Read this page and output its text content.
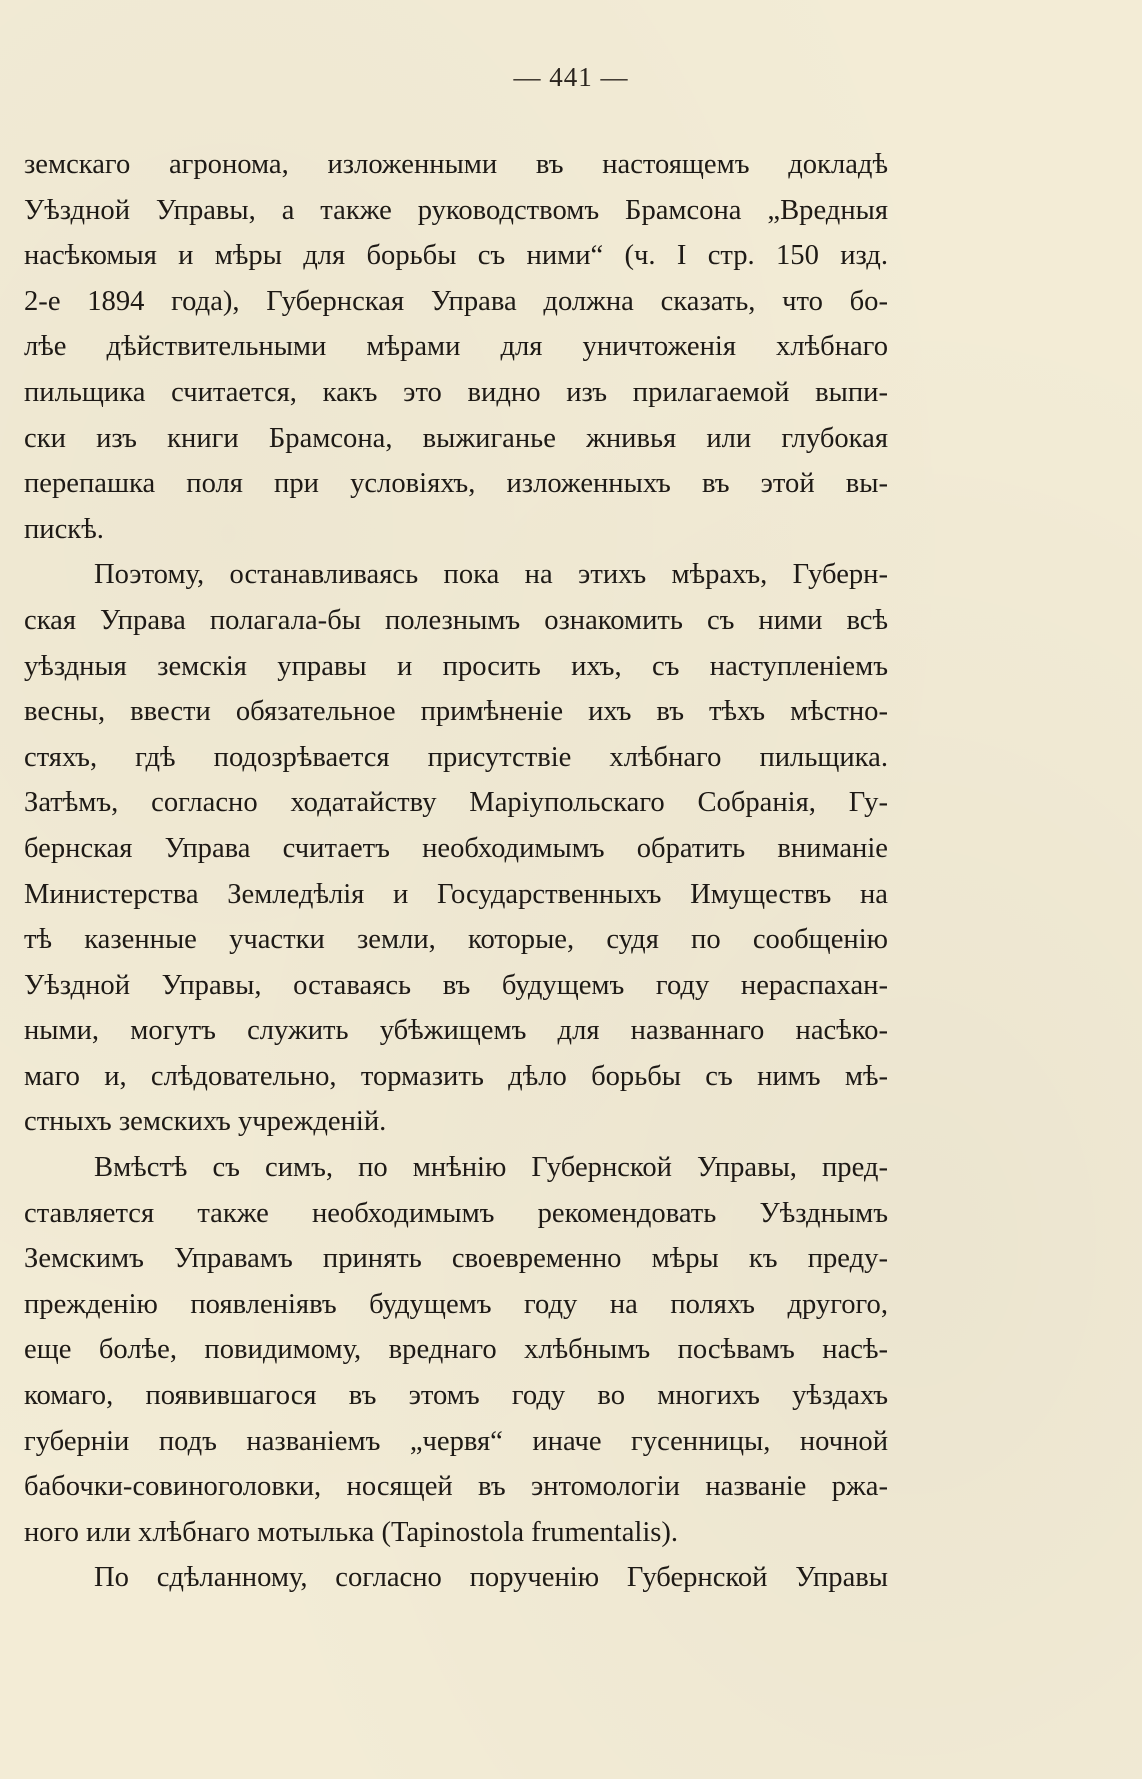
— 441 —
земскаго агронома, изложенными въ настоящемъ докладѣ
Уѣздной Управы, а также руководствомъ Брамсона „Вредныя
насѣкомыя и мѣры для борьбы съ ними“ (ч. I стр. 150 изд.
2-е 1894 года), Губернская Управа должна сказать, что бо-
лѣе дѣйствительными мѣрами для уничтоженія хлѣбнаго
пильщика считается, какъ это видно изъ прилагаемой выпи-
ски изъ книги Брамсона, выжиганье жнивья или глубокая
перепашка поля при условіяхъ, изложенныхъ въ этой вы-
пискѣ.
Поэтому, останавливаясь пока на этихъ мѣрахъ, Губерн-
ская Управа полагала-бы полезнымъ ознакомить съ ними всѣ
уѣздныя земскія управы и просить ихъ, съ наступленіемъ
весны, ввести обязательное примѣненіе ихъ въ тѣхъ мѣстно-
стяхъ, гдѣ подозрѣвается присутствіе хлѣбнаго пильщика.
Затѣмъ, согласно ходатайству Маріупольскаго Собранія, Гу-
бернская Управа считаетъ необходимымъ обратить вниманіе
Министерства Земледѣлія и Государственныхъ Имуществъ на
тѣ казенные участки земли, которые, судя по сообщенію
Уѣздной Управы, оставаясь въ будущемъ году нераспахан-
ными, могутъ служить убѣжищемъ для названнаго насѣко-
маго и, слѣдовательно, тормазить дѣло борьбы съ нимъ мѣ-
стныхъ земскихъ учрежденій.
Вмѣстѣ съ симъ, по мнѣнію Губернской Управы, пред-
ставляется также необходимымъ рекомендовать Уѣзднымъ
Земскимъ Управамъ принять своевременно мѣры къ преду-
прежденію появленіявъ будущемъ году на поляхъ другого,
еще болѣе, повидимому, вреднаго хлѣбнымъ посѣвамъ насѣ-
комаго, появившагося въ этомъ году во многихъ уѣздахъ
губерніи подъ названіемъ „червя“ иначе гусенницы, ночной
бабочки-совиноголовки, носящей въ энтомологіи названіе ржа-
ного или хлѣбнаго мотылька (Tapinostola frumentalis).
По сдѣланному, согласно порученію Губернской Управы
